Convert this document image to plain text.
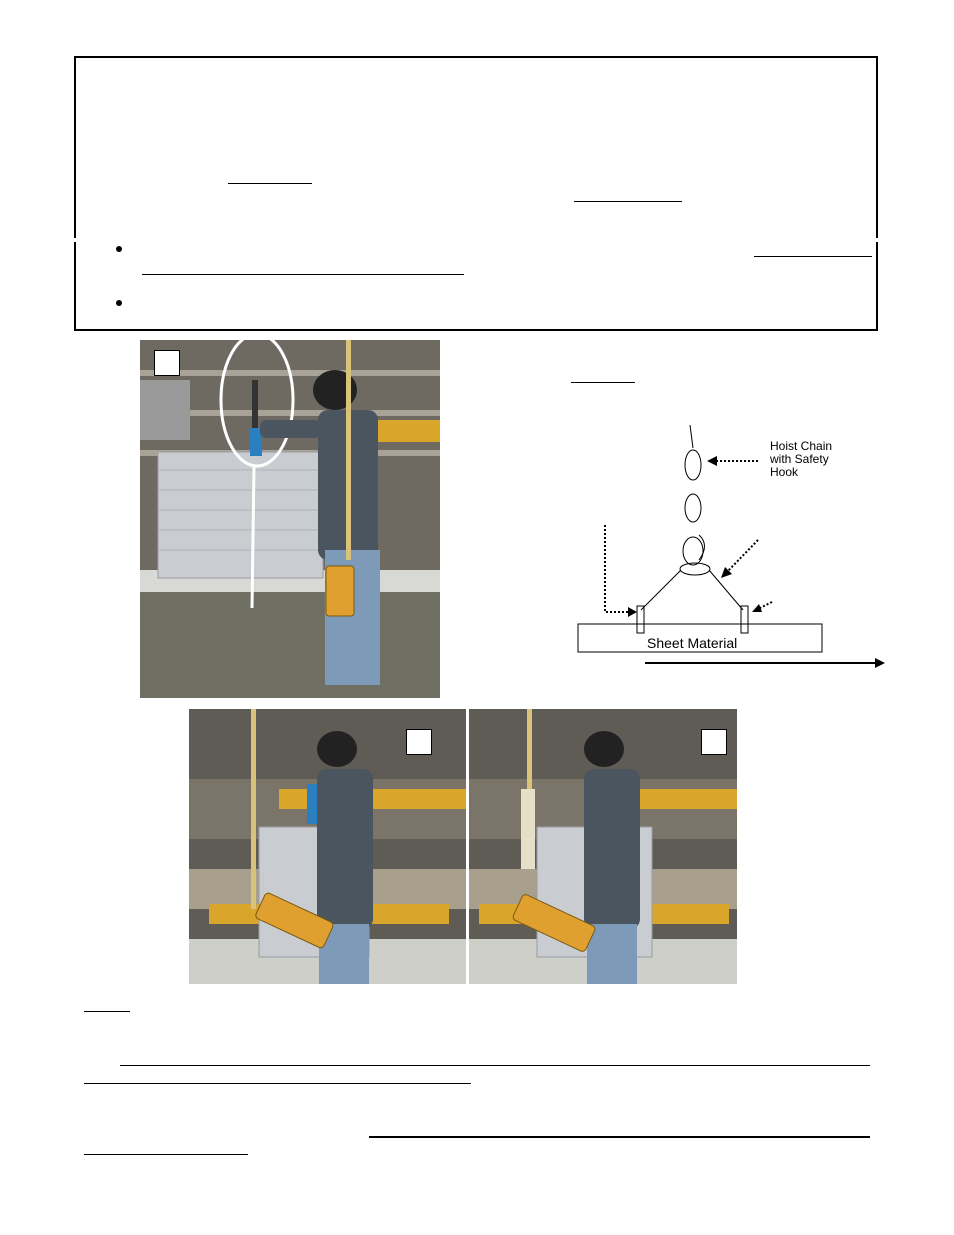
Sheet Material
Hoist Chain
with Safety
Hook
